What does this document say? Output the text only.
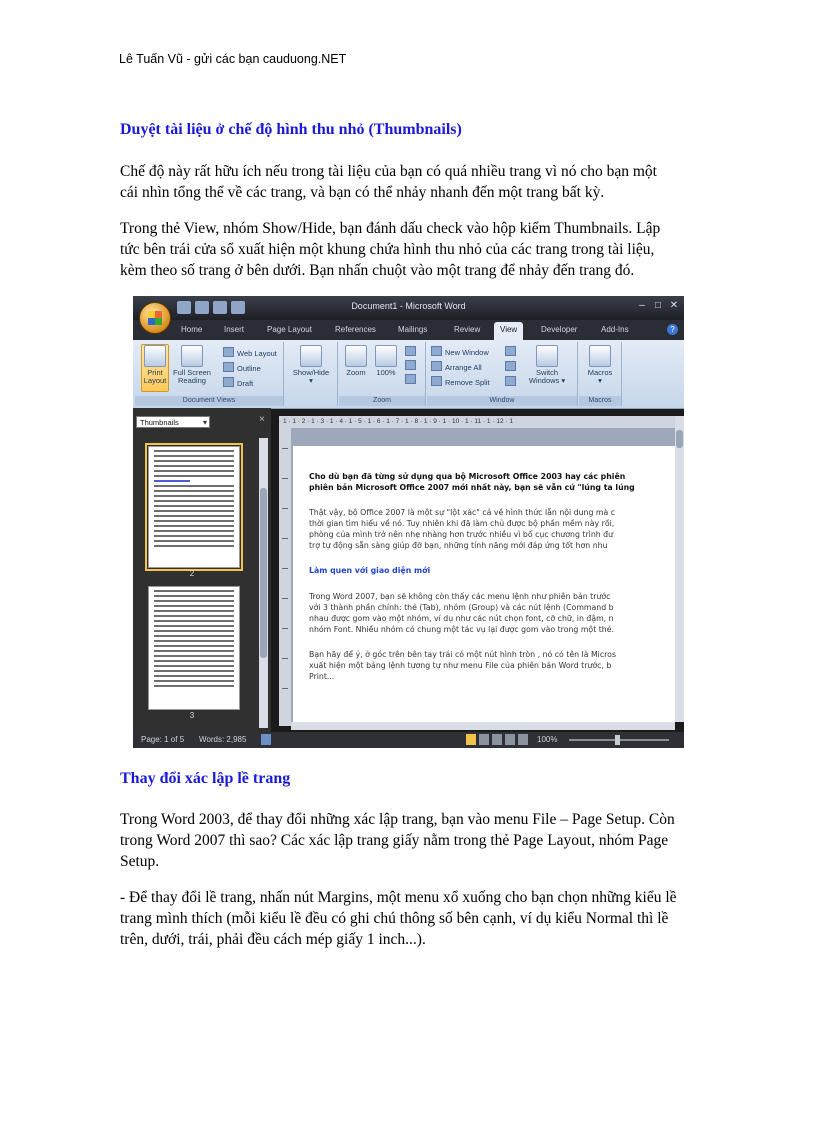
Lê Tuấn Vũ - gửi các bạn cauduong.NET
Duyệt tài liệu ở chế độ hình thu nhỏ (Thumbnails)
Chế độ này rất hữu ích nếu trong tài liệu của bạn có quá nhiều trang vì nó cho bạn một
cái nhìn tổng thể về các trang, và bạn có thể nhảy nhanh đến một trang bất kỳ.
Trong thẻ View, nhóm Show/Hide, bạn đánh dấu check vào hộp kiểm Thumbnails. Lập
tức bên trái cửa sổ xuất hiện một khung chứa hình thu nhỏ của các trang trong tài liệu,
kèm theo số trang ở bên dưới. Bạn nhấn chuột vào một trang để nhảy đến trang đó.
Document1 - Microsoft Word	–	□ ✕
Home	Insert	Page Layout	References	Mailings	Review	View	Developer	Add-Ins	?
Print
Layout
Full Screen
Reading
Web Layout
Outline
Draft
Document Views
Show/Hide
▾
Zoom	100%
Zoom
New Window
Arrange All
Remove Split
Switch
Windows ▾
Window
Macros
▾
Macros
Thumbnails ▾	×
2
3
· 1 · 1 · 2 · 1 · 3 · 1 · 4 · 1 · 5 · 1 · 6 · 1 · 7 · 1 · 8 · 1 · 9 · 1 · 10 · 1 · 11 · 1 · 12 · 1
Cho dù bạn đã từng sử dụng qua bộ Microsoft Office 2003 hay các phiên
phiên bản Microsoft Office 2007 mới nhất này, bạn sẽ vẫn cứ "lúng ta lúng
Thật vậy, bộ Office 2007 là một sự "lột xác" cả về hình thức lẫn nội dung mà c
thời gian tìm hiểu về nó. Tuy nhiên khi đã làm chủ được bộ phần mềm này rồi,
phòng của mình trở nên nhẹ nhàng hơn trước nhiều vì bố cục chương trình đư
trợ tự động sẵn sàng giúp đỡ bạn, những tính năng mới đáp ứng tốt hơn nhu
Làm quen với giao diện mới
Trong Word 2007, bạn sẽ không còn thấy các menu lệnh như phiên bản trước
với 3 thành phần chính: thẻ (Tab), nhóm (Group) và các nút lệnh (Command b
nhau được gom vào một nhóm, ví dụ như các nút chọn font, cỡ chữ, in đậm, n
nhóm Font. Nhiều nhóm có chung một tác vụ lại được gom vào trong một thẻ.
Bạn hãy để ý, ở góc trên bên tay trái có một nút hình tròn , nó có tên là Micros
xuất hiện một bảng lệnh tương tự như menu File của phiên bản Word trước, b
Print...
Page: 1 of 5 Words: 2,985	100%
Thay đổi xác lập lề trang
Trong Word 2003, để thay đổi những xác lập trang, bạn vào menu File – Page Setup. Còn
trong Word 2007 thì sao? Các xác lập trang giấy nằm trong thẻ Page Layout, nhóm Page
Setup.
- Để thay đổi lề trang, nhấn nút Margins, một menu xổ xuống cho bạn chọn những kiểu lề
trang mình thích (mỗi kiểu lề đều có ghi chú thông số bên cạnh, ví dụ kiểu Normal thì lề
trên, dưới, trái, phải đều cách mép giấy 1 inch...).
